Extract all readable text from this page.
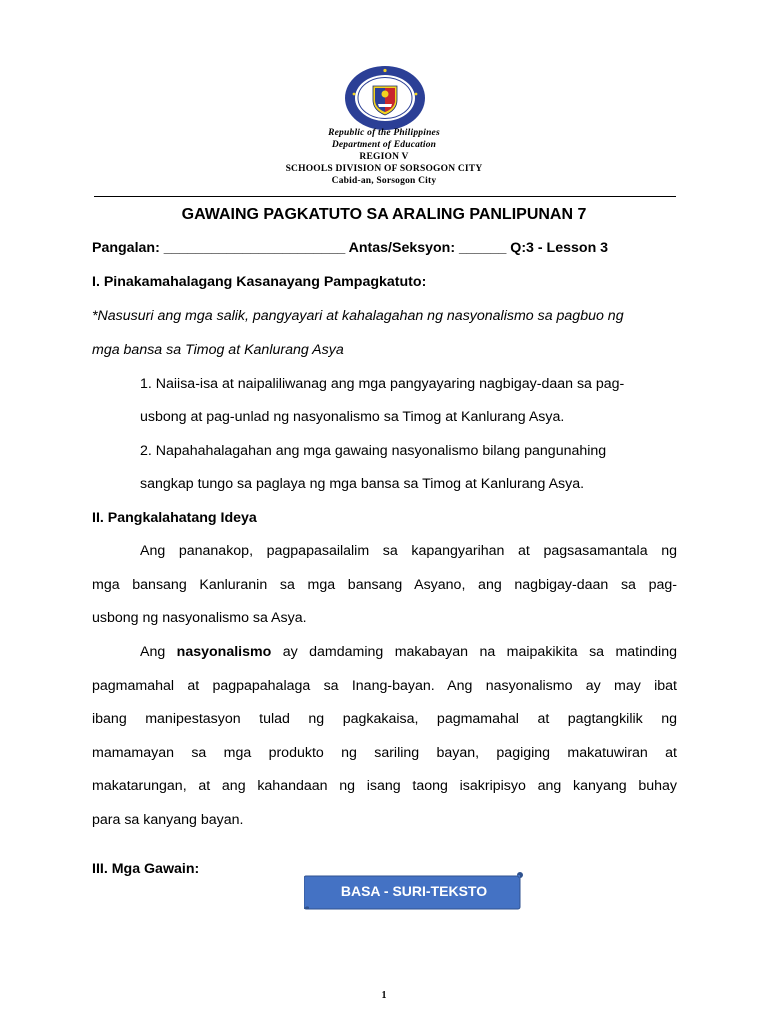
Republic of the Philippines
Department of Education
REGION V
SCHOOLS DIVISION OF SORSOGON CITY
Cabid-an, Sorsogon City
GAWAING PAGKATUTO SA ARALING PANLIPUNAN 7
Pangalan: _______________________ Antas/Seksyon: ______ Q:3 - Lesson 3
I. Pinakamahalagang Kasanayang Pampagkatuto:
*Nasusuri ang mga salik, pangyayari at kahalagahan ng nasyonalismo sa pagbuo ng
mga bansa sa Timog at Kanlurang Asya
1. Naiisa-isa at naipaliliwanag ang mga pangyayaring nagbigay-daan sa pag-
usbong at pag-unlad ng nasyonalismo sa Timog at Kanlurang Asya.
2. Napahahalagahan ang mga gawaing nasyonalismo bilang pangunahing
sangkap tungo sa paglaya ng mga bansa sa Timog at Kanlurang Asya.
II. Pangkalahatang Ideya
Ang pananakop, pagpapasailalim sa kapangyarihan at pagsasamantala ng
mga bansang Kanluranin sa mga bansang Asyano, ang nagbigay-daan sa pag-
usbong ng nasyonalismo sa Asya.
Ang nasyonalismo ay damdaming makabayan na maipakikita sa matinding
pagmamahal at pagpapahalaga sa Inang-bayan. Ang nasyonalismo ay may ibat
ibang manipestasyon tulad ng pagkakaisa, pagmamahal at pagtangkilik ng
mamamayan sa mga produkto ng sariling bayan, pagiging makatuwiran at
makatarungan, at ang kahandaan ng isang taong isakripisyo ang kanyang buhay
para sa kanyang bayan.
III. Mga Gawain:
BASA - SURI-TEKSTO
1
